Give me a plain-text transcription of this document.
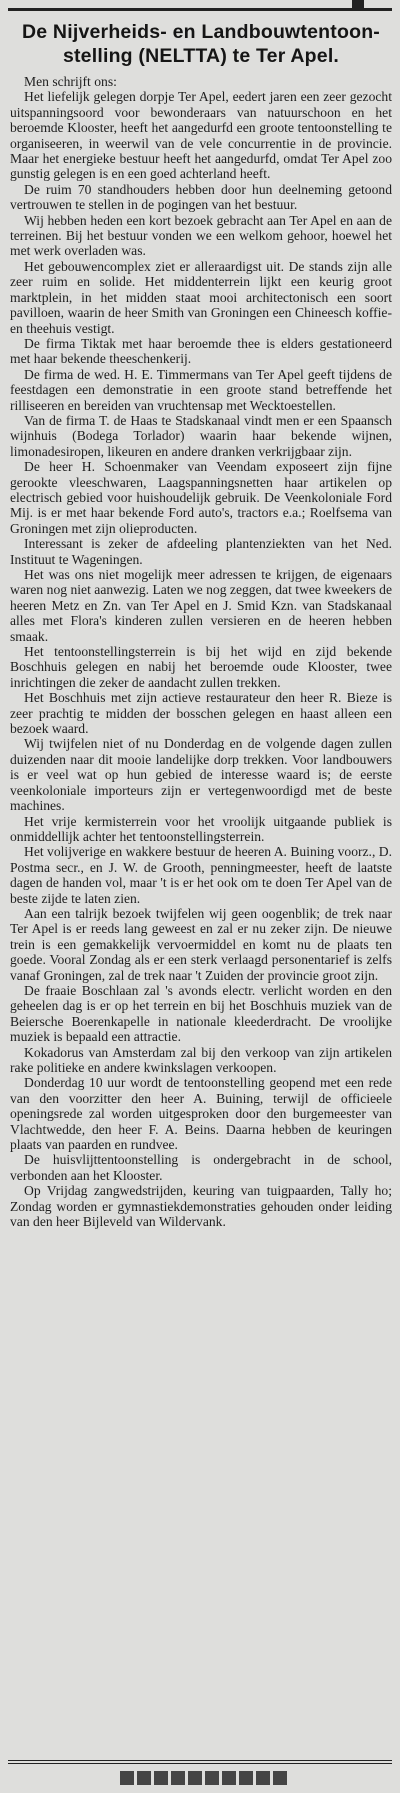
De Nijverheids- en Landbouwtentoon-
stelling (NELTTA) te Ter Apel.

Men schrijft ons:

Het liefelijk gelegen dorpje Ter Apel, eedert jaren een zeer gezocht uitspanningsoord voor bewonderaars van natuurschoon en het beroemde Klooster, heeft het aangedurfd een groote tentoonstelling te organiseeren, in weerwil van de vele concurrentie in de provincie. Maar het energieke bestuur heeft het aangedurfd, omdat Ter Apel zoo gunstig gelegen is en een goed achterland heeft.

De ruim 70 standhouders hebben door hun deelneming getoond vertrouwen te stellen in de pogingen van het bestuur.

Wij hebben heden een kort bezoek gebracht aan Ter Apel en aan de terreinen. Bij het bestuur vonden we een welkom gehoor, hoewel het met werk overladen was.

Het gebouwencomplex ziet er alleraardigst uit. De stands zijn alle zeer ruim en solide. Het middenterrein lijkt een keurig groot marktplein, in het midden staat mooi architectonisch een soort pavilloen, waarin de heer Smith van Groningen een Chineesch koffie- en theehuis vestigt.

De firma Tiktak met haar beroemde thee is elders gestationeerd met haar bekende theeschenkerij.

De firma de wed. H. E. Timmermans van Ter Apel geeft tijdens de feestdagen een demonstratie in een groote stand betreffende het rilliseeren en bereiden van vruchtensap met Wecktoestellen.

Van de firma T. de Haas te Stadskanaal vindt men er een Spaansch wijnhuis (Bodega Torlador) waarin haar bekende wijnen, limonadesiropen, likeuren en andere dranken verkrijgbaar zijn.

De heer H. Schoenmaker van Veendam exposeert zijn fijne gerookte vleeschwaren, Laagspanningsnetten haar artikelen op electrisch gebied voor huishoudelijk gebruik. De Veenkoloniale Ford Mij. is er met haar bekende Ford auto's, tractors e.a.; Roelfsema van Groningen met zijn olieproducten.

Interessant is zeker de afdeeling plantenziekten van het Ned. Instituut te Wageningen.

Het was ons niet mogelijk meer adressen te krijgen, de eigenaars waren nog niet aanwezig. Laten we nog zeggen, dat twee kweekers de heeren Metz en Zn. van Ter Apel en J. Smid Kzn. van Stadskanaal alles met Flora's kinderen zullen versieren en de heeren hebben smaak.

Het tentoonstellingsterrein is bij het wijd en zijd bekende Boschhuis gelegen en nabij het beroemde oude Klooster, twee inrichtingen die zeker de aandacht zullen trekken.

Het Boschhuis met zijn actieve restaurateur den heer R. Bieze is zeer prachtig te midden der bosschen gelegen en haast alleen een bezoek waard.

Wij twijfelen niet of nu Donderdag en de volgende dagen zullen duizenden naar dit mooie landelijke dorp trekken. Voor landbouwers is er veel wat op hun gebied de interesse waard is; de eerste veenkoloniale importeurs zijn er vertegenwoordigd met de beste machines.

Het vrije kermisterrein voor het vroolijk uitgaande publiek is onmiddellijk achter het tentoonstellingsterrein.

Het volijverige en wakkere bestuur de heeren A. Buining voorz., D. Postma secr., en J. W. de Grooth, penningmeester, heeft de laatste dagen de handen vol, maar 't is er het ook om te doen Ter Apel van de beste zijde te laten zien.

Aan een talrijk bezoek twijfelen wij geen oogenblik; de trek naar Ter Apel is er reeds lang geweest en zal er nu zeker zijn. De nieuwe trein is een gemakkelijk vervoermiddel en komt nu de plaats ten goede. Vooral Zondag als er een sterk verlaagd personentarief is zelfs vanaf Groningen, zal de trek naar 't Zuiden der provincie groot zijn.

De fraaie Boschlaan zal 's avonds electr. verlicht worden en den geheelen dag is er op het terrein en bij het Boschhuis muziek van de Beiersche Boerenkapelle in nationale kleederdracht. De vroolijke muziek is bepaald een attractie.

Kokadorus van Amsterdam zal bij den verkoop van zijn artikelen rake politieke en andere kwinkslagen verkoopen.

Donderdag 10 uur wordt de tentoonstelling geopend met een rede van den voorzitter den heer A. Buining, terwijl de officieele openingsrede zal worden uitgesproken door den burgemeester van Vlachtwedde, den heer F. A. Beins. Daarna hebben de keuringen plaats van paarden en rundvee.

De huisvlijttentoonstelling is ondergebracht in de school, verbonden aan het Klooster.

Op Vrijdag zangwedstrijden, keuring van tuigpaarden, Tally ho; Zondag worden er gymnastiekdemonstraties gehouden onder leiding van den heer Bijleveld van Wildervank.
